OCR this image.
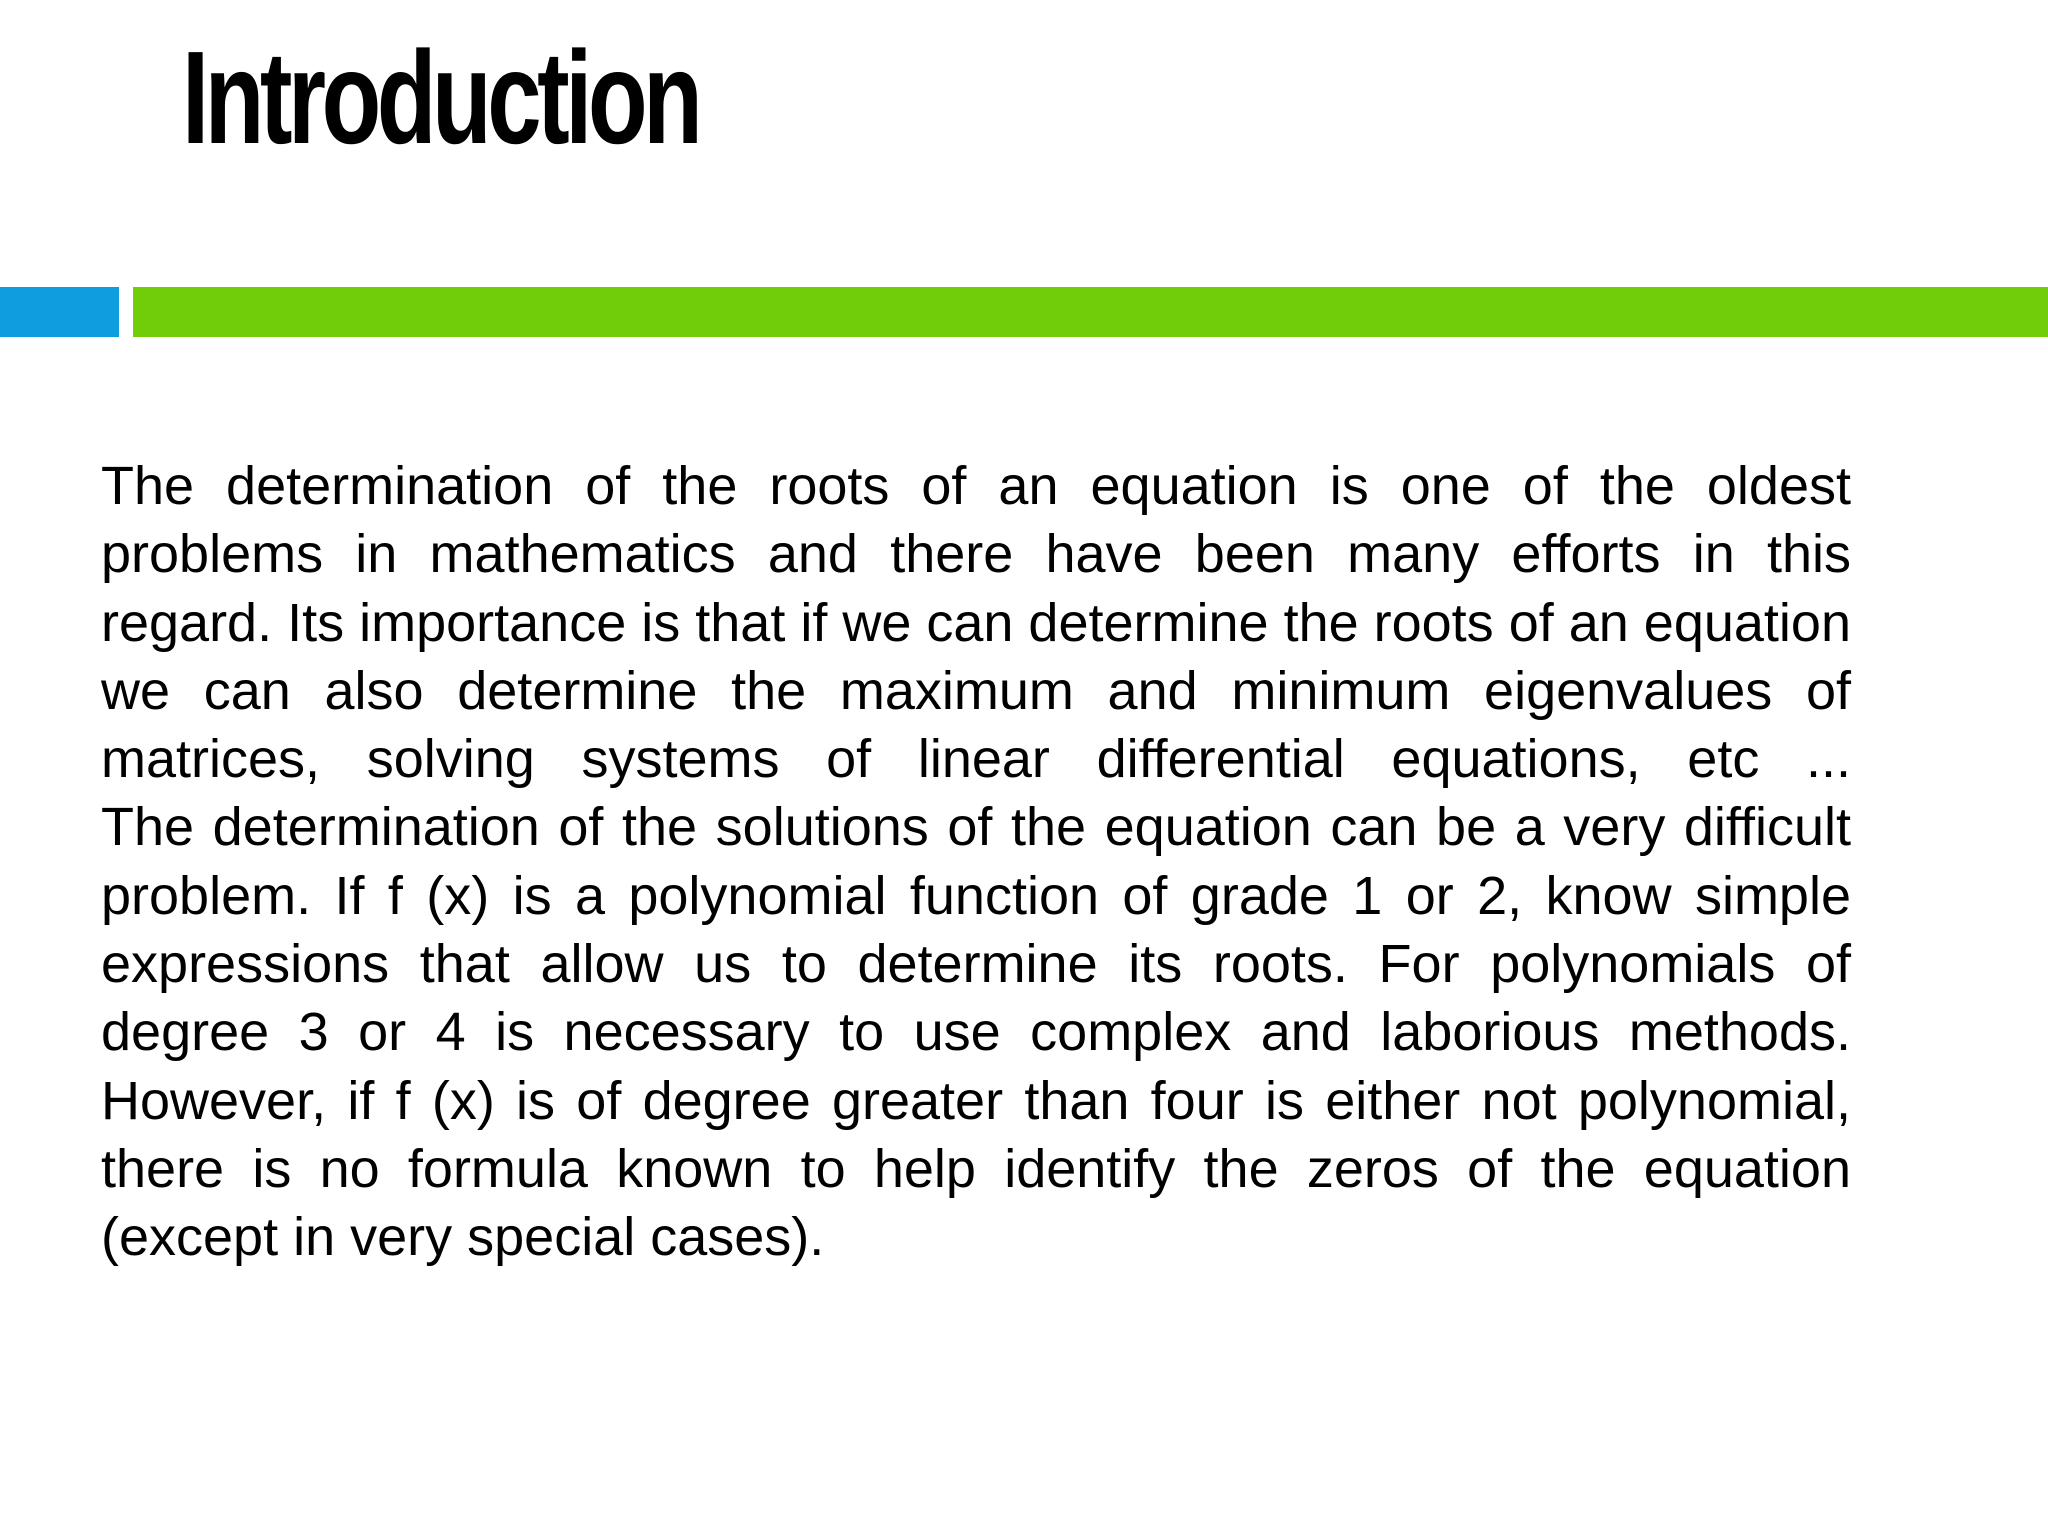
Introduction

The determination of the roots of an equation is one of the oldest problems in mathematics and there have been many efforts in this regard. Its importance is that if we can determine the roots of an equation we can also determine the maximum and minimum eigenvalues of matrices, solving systems of linear differential equations, etc ...

The determination of the solutions of the equation can be a very difficult problem. If f (x) is a polynomial function of grade 1 or 2, know simple expressions that allow us to determine its roots. For polynomials of degree 3 or 4 is necessary to use complex and laborious methods. However, if f (x) is of degree greater than four is either not polynomial, there is no formula known to help identify the zeros of the equation (except in very special cases).
